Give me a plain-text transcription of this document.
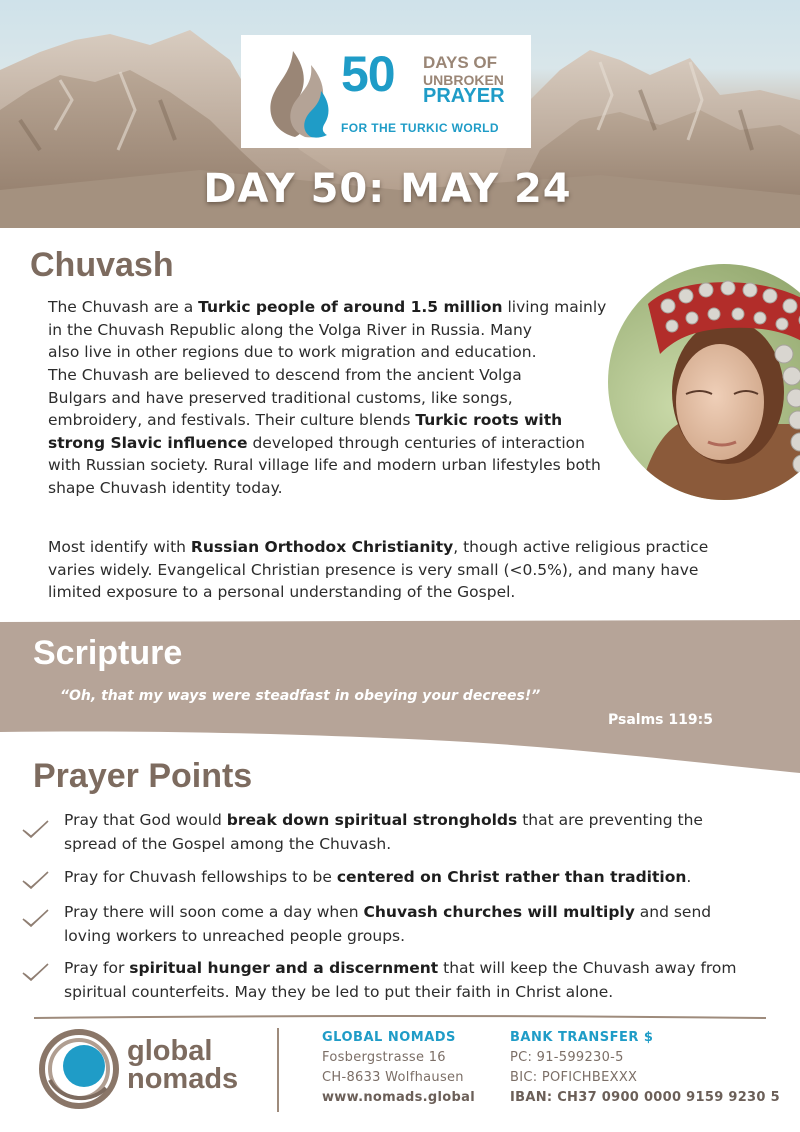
50 DAYS OF
UNBROKEN
PRAYER
FOR THE TURKIC WORLD
DAY 50: MAY 24
Chuvash
The Chuvash are a Turkic people of around 1.5 million living mainly
in the Chuvash Republic along the Volga River in Russia. Many
also live in other regions due to work migration and education.
The Chuvash are believed to descend from the ancient Volga
Bulgars and have preserved traditional customs, like songs,
embroidery, and festivals. Their culture blends Turkic roots with
strong Slavic influence developed through centuries of interaction
with Russian society. Rural village life and modern urban lifestyles both
shape Chuvash identity today.
Most identify with Russian Orthodox Christianity, though active religious practice
varies widely. Evangelical Christian presence is very small (<0.5%), and many have
limited exposure to a personal understanding of the Gospel.
Scripture
“Oh, that my ways were steadfast in obeying your decrees!”
Psalms 119:5
Prayer Points
Pray that God would break down spiritual strongholds that are preventing the
spread of the Gospel among the Chuvash.
Pray for Chuvash fellowships to be centered on Christ rather than tradition.
Pray there will soon come a day when Chuvash churches will multiply and send
loving workers to unreached people groups.
Pray for spiritual hunger and a discernment that will keep the Chuvash away from
spiritual counterfeits. May they be led to put their faith in Christ alone.
global
nomads
GLOBAL NOMADS
Fosbergstrasse 16
CH-8633 Wolfhausen
www.nomads.global
BANK TRANSFER $
PC: 91-599230-5
BIC: POFICHBEXXX
IBAN: CH37 0900 0000 9159 9230 5
